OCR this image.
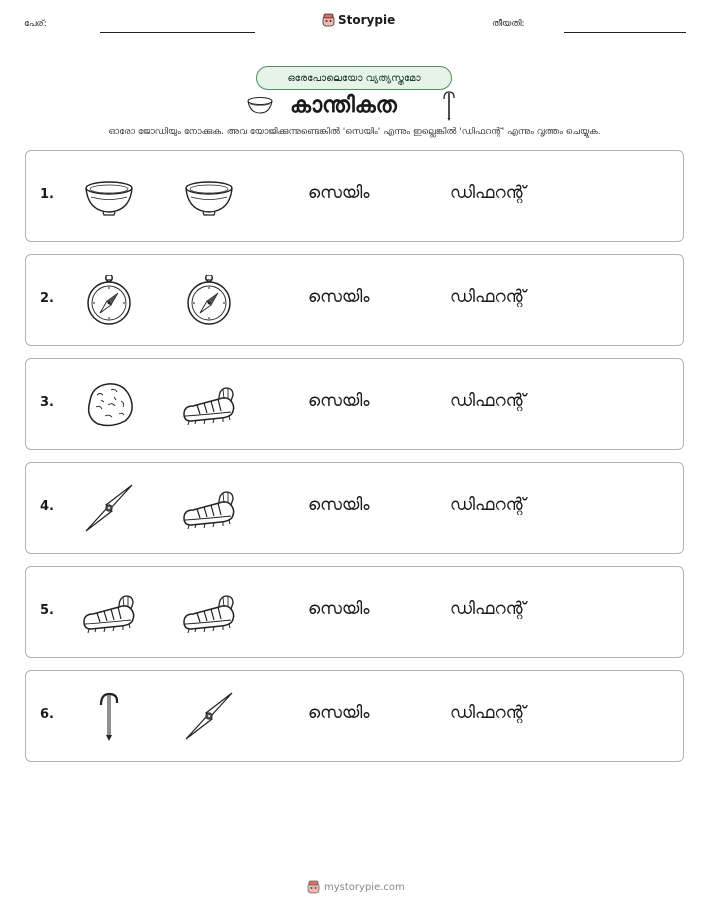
പേര്:	Storypie	തീയതി:
ഒരേപോലെയോ വ്യത്യസ്തമോ
കാന്തികത
ഓരോ ജോഡിയും നോക്കുക. അവ യോജിക്കുന്നുണ്ടെങ്കിൽ 'സെയിം' എന്നും ഇല്ലെങ്കിൽ 'ഡിഫറന്റ്' എന്നും വൃത്തം ചെയ്യുക.
1.	സെയിം	ഡിഫറന്റ്
2.	സെയിം	ഡിഫറന്റ്
3.	സെയിം	ഡിഫറന്റ്
4.	സെയിം	ഡിഫറന്റ്
5.	സെയിം	ഡിഫറന്റ്
6.	സെയിം	ഡിഫറന്റ്
mystorypie.com
